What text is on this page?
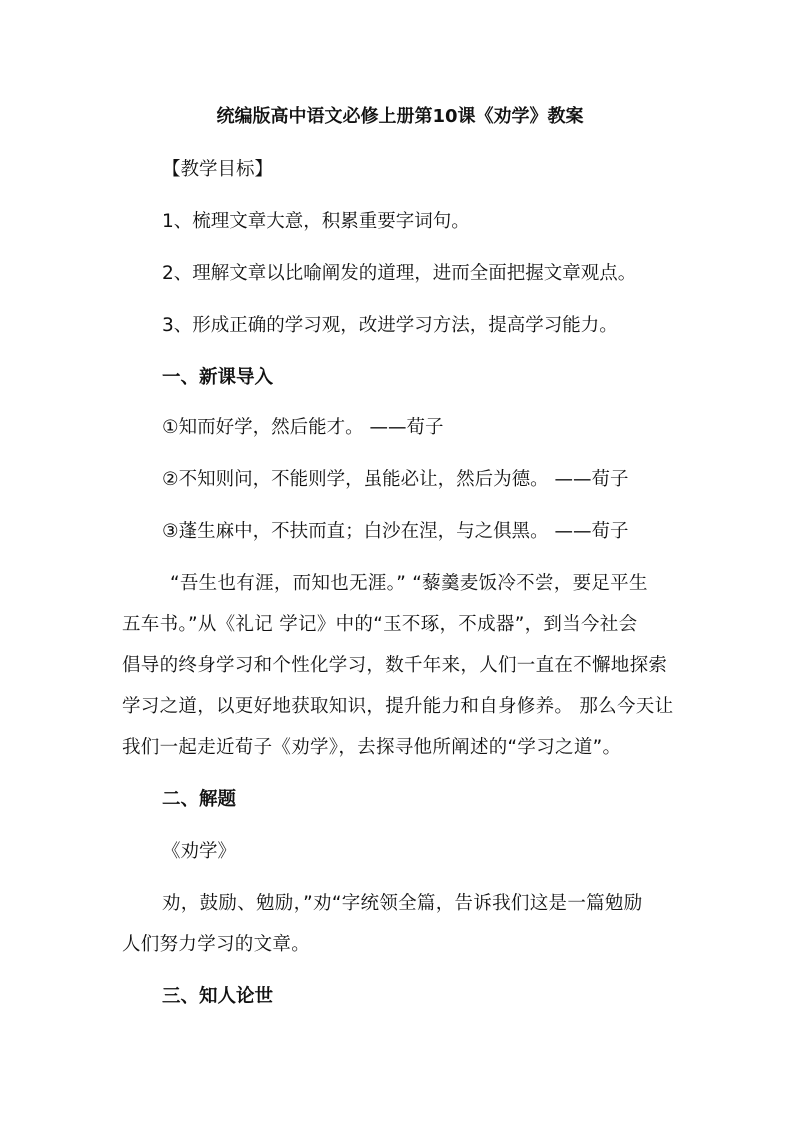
统编版高中语文必修上册第10课《劝学》教案

【教学目标】

1、梳理文章大意，积累重要字词句。

2、理解文章以比喻阐发的道理，进而全面把握文章观点。

3、形成正确的学习观，改进学习方法，提高学习能力。

一、新课导入

①知而好学，然后能才。 ——荀子

②不知则问，不能则学，虽能必让，然后为德。 ——荀子

③蓬生麻中，不扶而直；白沙在涅，与之俱黑。 ——荀子

“吾生也有涯，而知也无涯。” “藜羹麦饭冷不尝，要足平生

五车书。”从《礼记 学记》中的“玉不琢，不成器”，到当今社会

倡导的终身学习和个性化学习，数千年来，人们一直在不懈地探索

学习之道，以更好地获取知识，提升能力和自身修养。 那么今天让

我们一起走近荀子《劝学》，去探寻他所阐述的“学习之道”。

二、解题

《劝学》

劝，鼓励、勉励，”劝“字统领全篇，告诉我们这是一篇勉励

人们努力学习的文章。

三、知人论世
